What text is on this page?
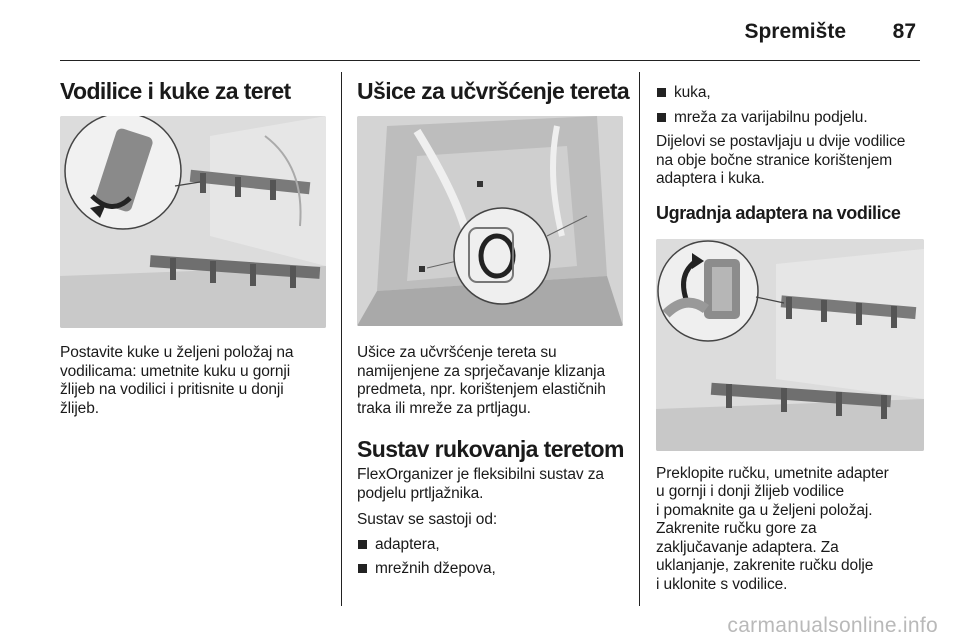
Spremište 87
Vodilice i kuke za teret

Postavite kuke u željeni položaj na
vodilicama: umetnite kuku u gornji
žlijeb na vodilici i pritisnite u donji
žlijeb.

Ušice za učvršćenje tereta

Ušice za učvršćenje tereta su
namijenjene za sprječavanje klizanja
predmeta, npr. korištenjem elastičnih
traka ili mreže za prtljagu.

Sustav rukovanja teretom

FlexOrganizer je fleksibilni sustav za
podjelu prtljažnika.

Sustav se sastoji od:

adaptera,
mrežnih džepova,
kuka,
mreža za varijabilnu podjelu.

Dijelovi se postavljaju u dvije vodilice
na obje bočne stranice korištenjem
adaptera i kuka.

Ugradnja adaptera na vodilice

Preklopite ručku, umetnite adapter
u gornji i donji žlijeb vodilice
i pomaknite ga u željeni položaj.
Zakrenite ručku gore za
zaključavanje adaptera. Za
uklanjanje, zakrenite ručku dolje
i uklonite s vodilice.

carmanualsonline.info
